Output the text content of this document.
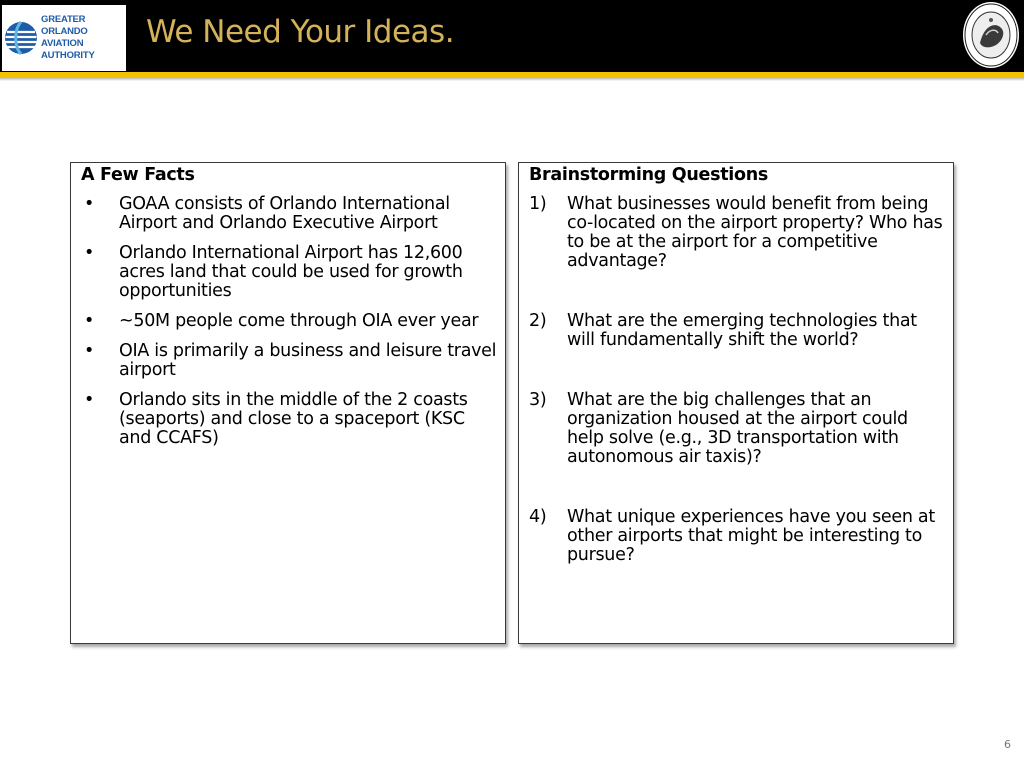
GREATER ORLANDO
AVIATION AUTHORITY
We Need Your Ideas.
A Few Facts
• GOAA consists of Orlando International Airport and Orlando Executive Airport
• Orlando International Airport has 12,600 acres land that could be used for growth opportunities
• ~50M people come through OIA ever year
• OIA is primarily a business and leisure travel airport
• Orlando sits in the middle of the 2 coasts (seaports) and close to a spaceport (KSC and CCAFS)
Brainstorming Questions
1) What businesses would benefit from being co-located on the airport property? Who has to be at the airport for a competitive advantage?
2) What are the emerging technologies that will fundamentally shift the world?
3) What are the big challenges that an organization housed at the airport could help solve (e.g., 3D transportation with autonomous air taxis)?
4) What unique experiences have you seen at other airports that might be interesting to pursue?
6
